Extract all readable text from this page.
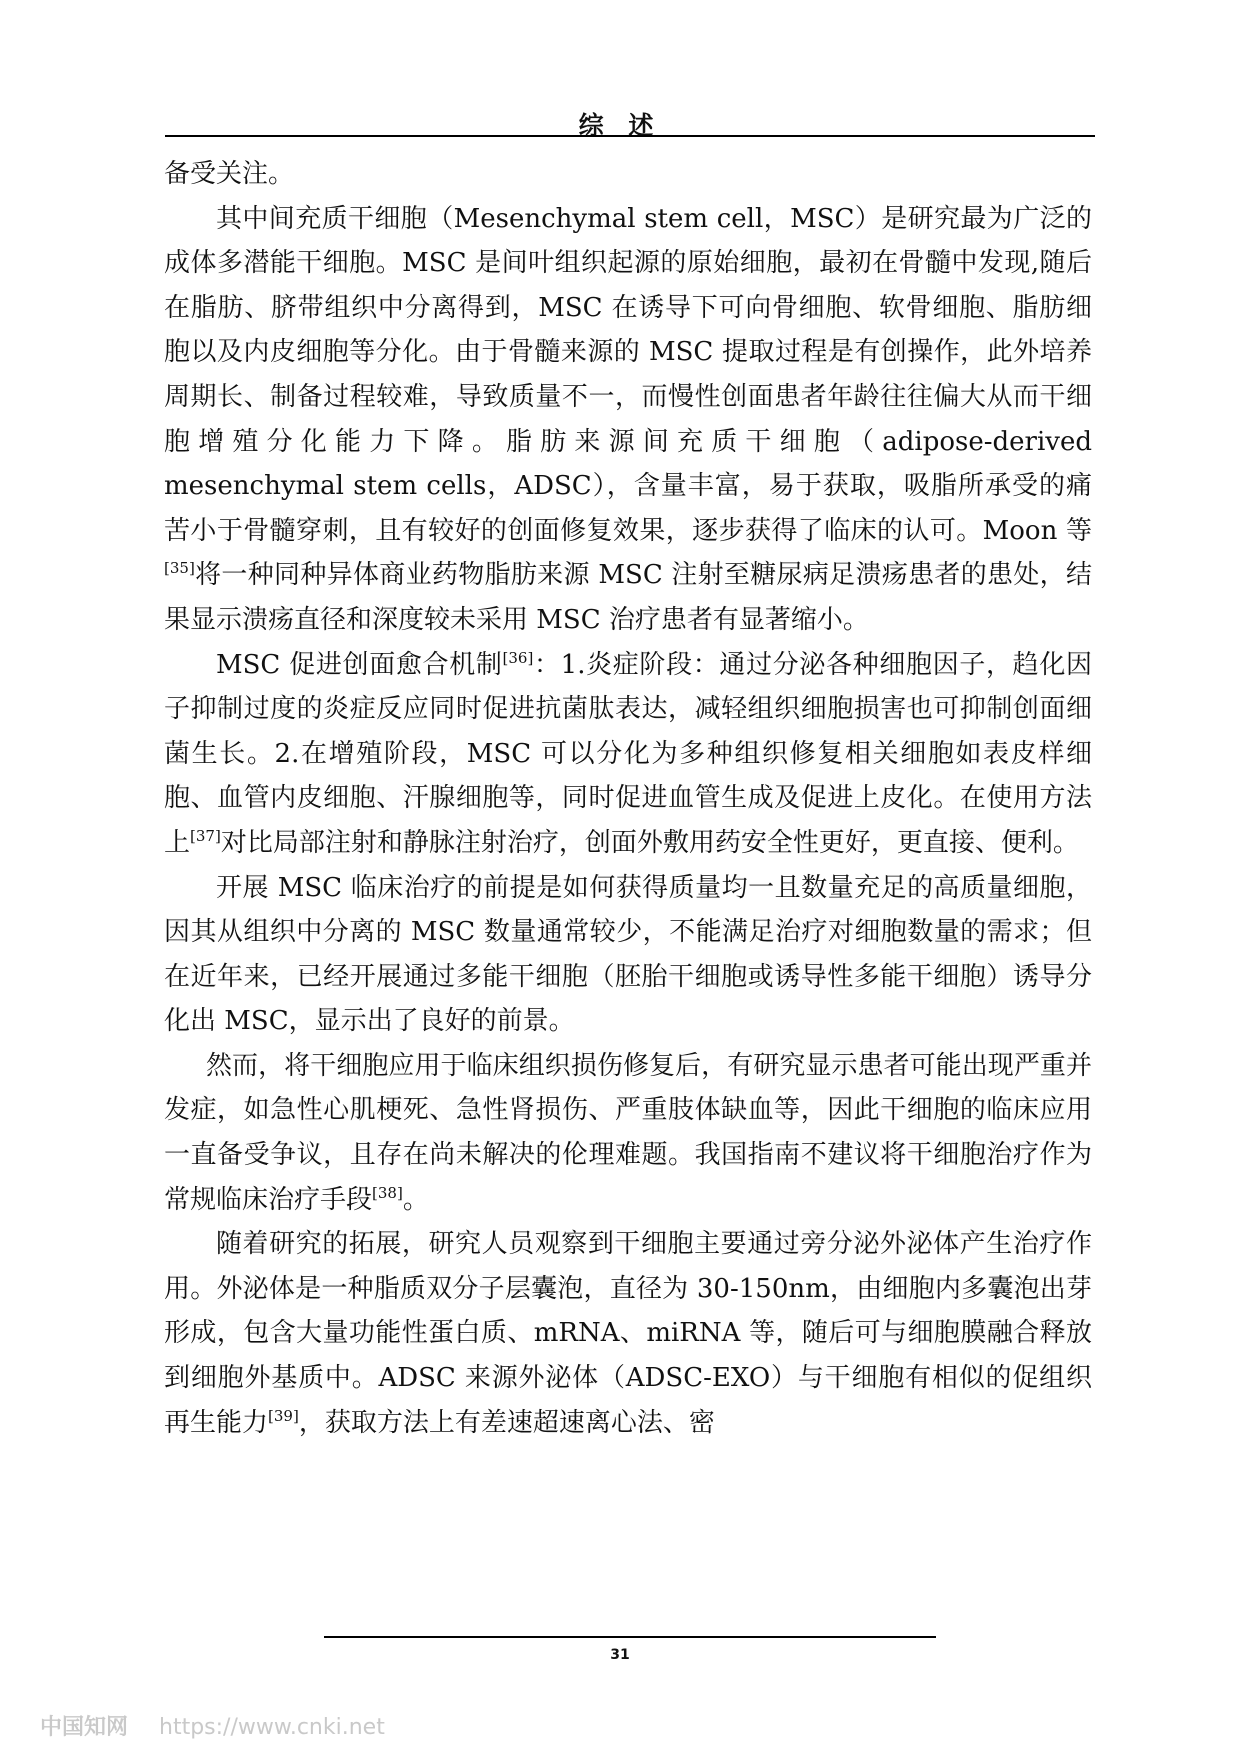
综 述

备受关注。

其中间充质干细胞（Mesenchymal stem cell，MSC）是研究最为广泛的成体多潜能干细胞。MSC 是间叶组织起源的原始细胞，最初在骨髓中发现,随后在脂肪、脐带组织中分离得到，MSC 在诱导下可向骨细胞、软骨细胞、脂肪细胞以及内皮细胞等分化。由于骨髓来源的 MSC 提取过程是有创操作，此外培养周期长、制备过程较难，导致质量不一，而慢性创面患者年龄往往偏大从而干细胞增殖分化能力下降。脂肪来源间充质干细胞（adipose-derived mesenchymal stem cells，ADSC），含量丰富，易于获取，吸脂所承受的痛苦小于骨髓穿刺，且有较好的创面修复效果，逐步获得了临床的认可。Moon 等[35]将一种同种异体商业药物脂肪来源 MSC 注射至糖尿病足溃疡患者的患处，结果显示溃疡直径和深度较未采用 MSC 治疗患者有显著缩小。

MSC 促进创面愈合机制[36]：1.炎症阶段：通过分泌各种细胞因子，趋化因子抑制过度的炎症反应同时促进抗菌肽表达，减轻组织细胞损害也可抑制创面细菌生长。2.在增殖阶段，MSC 可以分化为多种组织修复相关细胞如表皮样细胞、血管内皮细胞、汗腺细胞等，同时促进血管生成及促进上皮化。在使用方法上[37]对比局部注射和静脉注射治疗，创面外敷用药安全性更好，更直接、便利。

开展 MSC 临床治疗的前提是如何获得质量均一且数量充足的高质量细胞，因其从组织中分离的 MSC 数量通常较少，不能满足治疗对细胞数量的需求；但在近年来，已经开展通过多能干细胞（胚胎干细胞或诱导性多能干细胞）诱导分化出 MSC，显示出了良好的前景。

然而，将干细胞应用于临床组织损伤修复后，有研究显示患者可能出现严重并发症，如急性心肌梗死、急性肾损伤、严重肢体缺血等，因此干细胞的临床应用一直备受争议，且存在尚未解决的伦理难题。我国指南不建议将干细胞治疗作为常规临床治疗手段[38]。

随着研究的拓展，研究人员观察到干细胞主要通过旁分泌外泌体产生治疗作用。外泌体是一种脂质双分子层囊泡，直径为 30-150nm，由细胞内多囊泡出芽形成，包含大量功能性蛋白质、mRNA、miRNA 等，随后可与细胞膜融合释放到细胞外基质中。ADSC 来源外泌体（ADSC-EXO）与干细胞有相似的促组织再生能力[39]，获取方法上有差速超速离心法、密

31
中国知网 https://www.cnki.net
